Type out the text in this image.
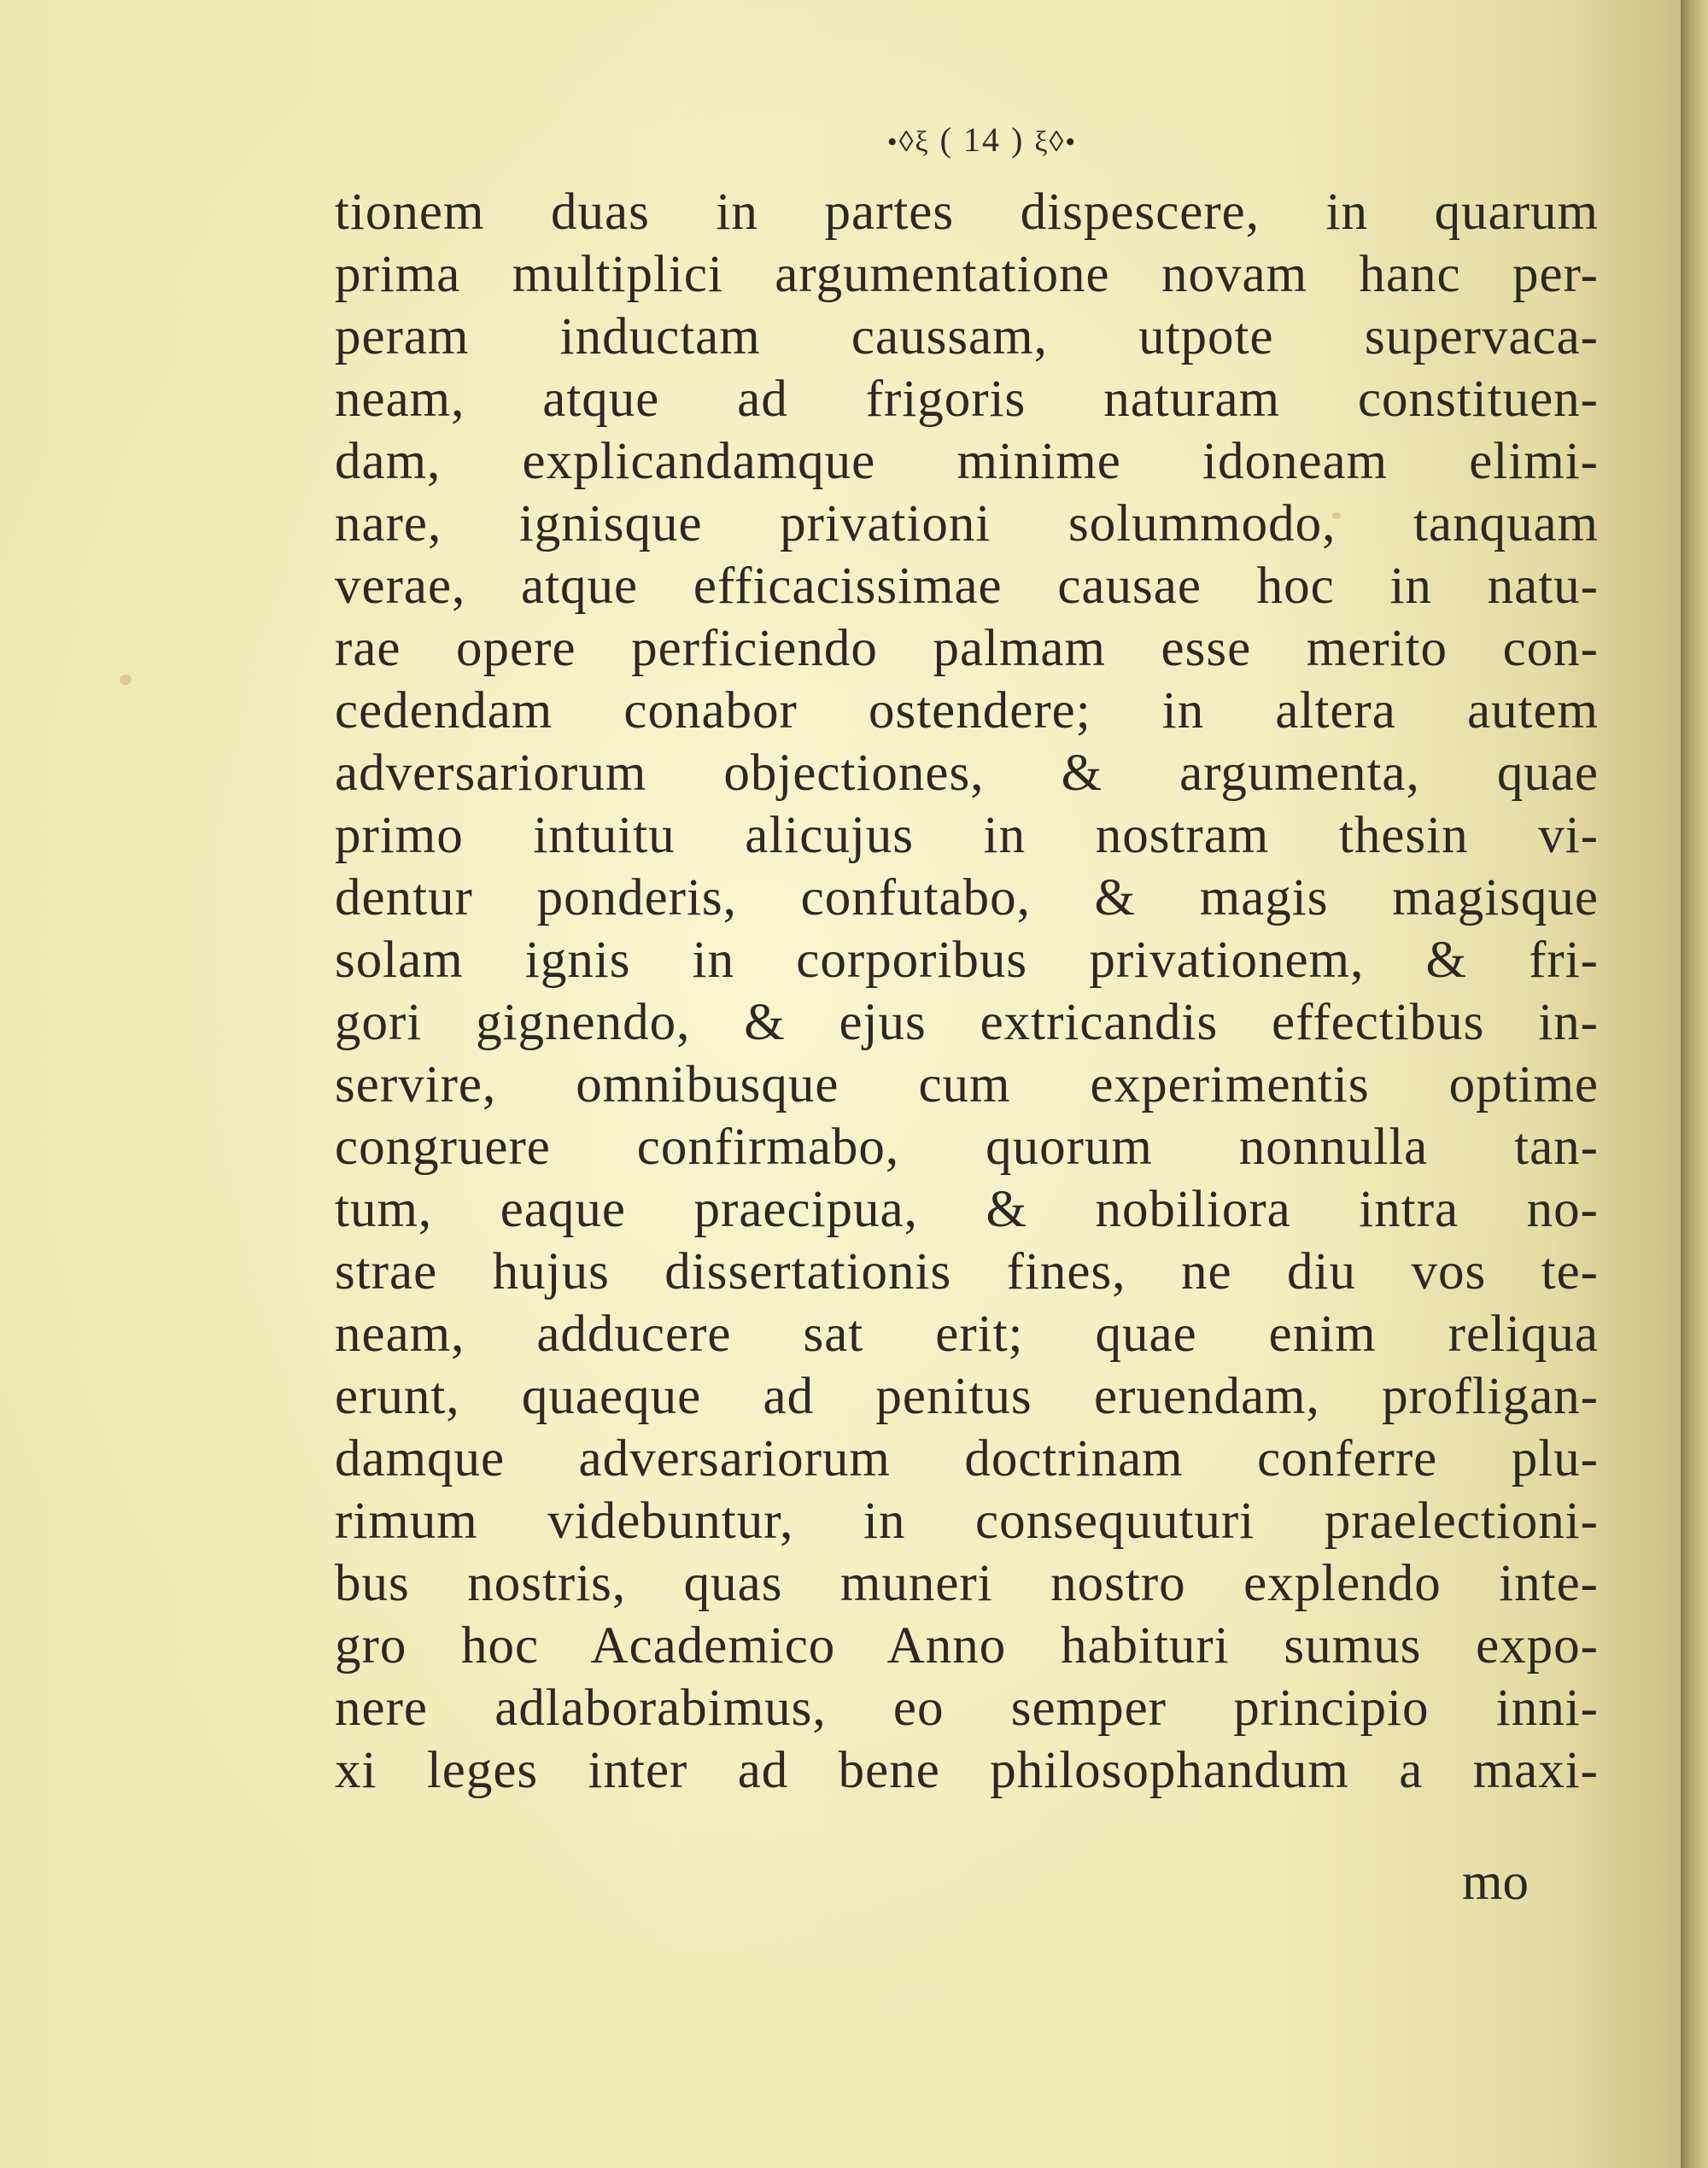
•◊ξ ( 14 ) ξ◊•
tionem duas in partes dispescere, in quarum
prima multiplici argumentatione novam hanc per-
peram inductam caussam, utpote supervaca-
neam, atque ad frigoris naturam constituen-
dam, explicandamque minime idoneam elimi-
nare, ignisque privationi solummodo, tanquam
verae, atque efficacissimae causae hoc in natu-
rae opere perficiendo palmam esse merito con-
cedendam conabor ostendere; in altera autem
adversariorum objectiones, & argumenta, quae
primo intuitu alicujus in nostram thesin vi-
dentur ponderis, confutabo, & magis magisque
solam ignis in corporibus privationem, & fri-
gori gignendo, & ejus extricandis effectibus in-
servire, omnibusque cum experimentis optime
congruere confirmabo, quorum nonnulla tan-
tum, eaque praecipua, & nobiliora intra no-
strae hujus dissertationis fines, ne diu vos te-
neam, adducere sat erit; quae enim reliqua
erunt, quaeque ad penitus eruendam, profligan-
damque adversariorum doctrinam conferre plu-
rimum videbuntur, in consequuturi praelectioni-
bus nostris, quas muneri nostro explendo inte-
gro hoc Academico Anno habituri sumus expo-
nere adlaborabimus, eo semper principio inni-
xi leges inter ad bene philosophandum a maxi-
mo
